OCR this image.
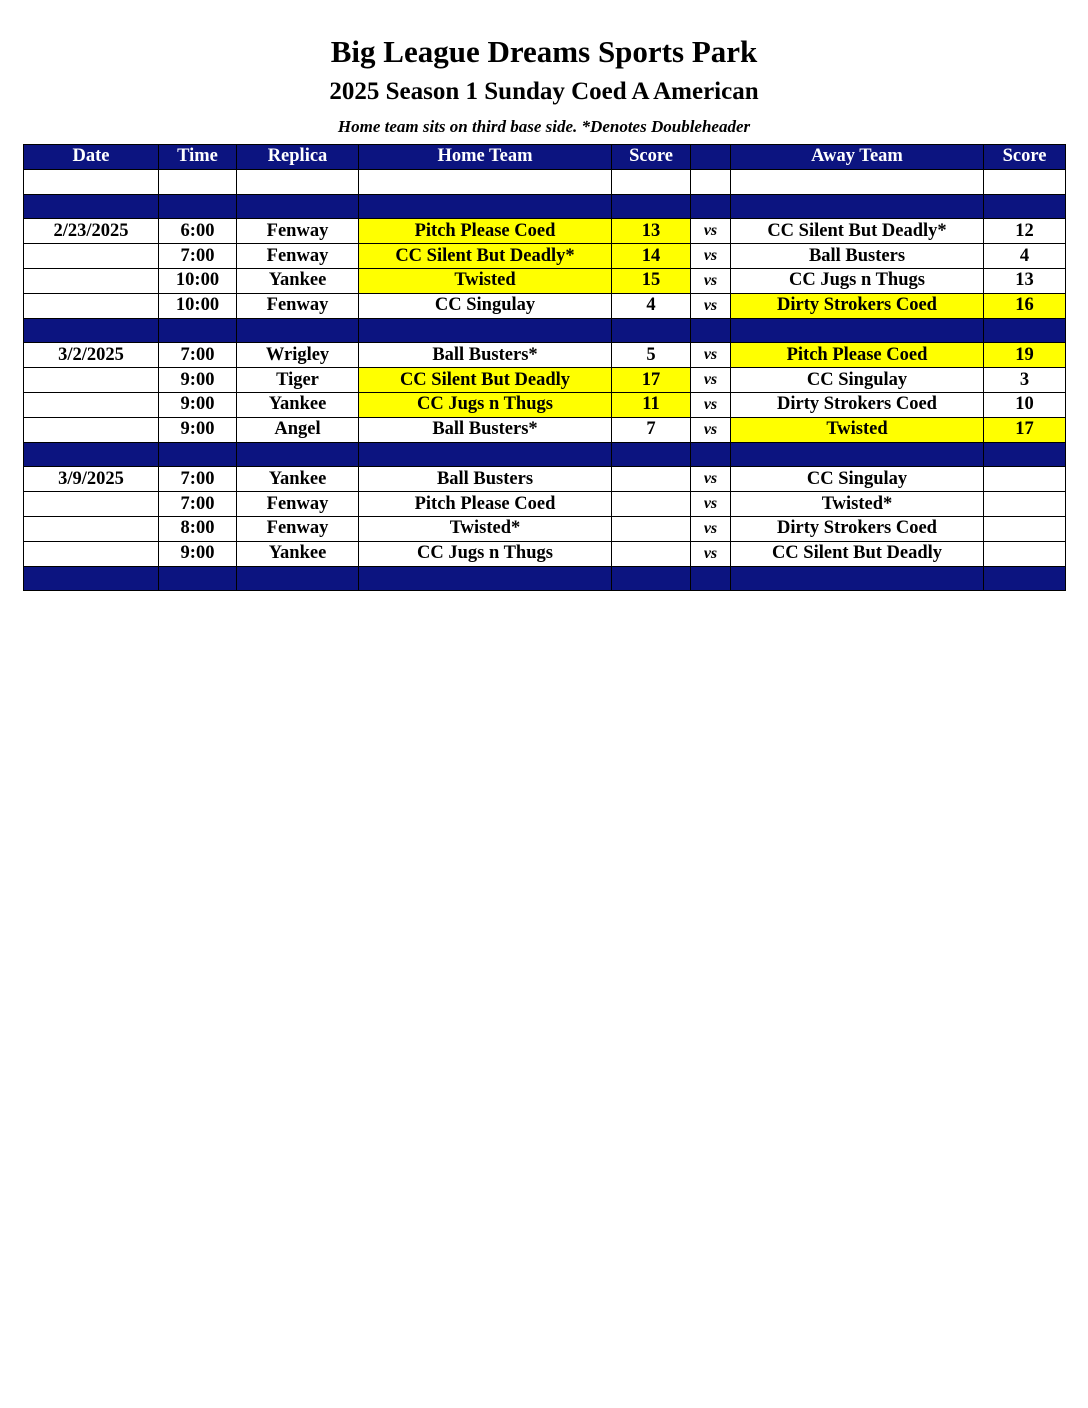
Big League Dreams Sports Park
2025 Season 1 Sunday Coed A American
Home team sits on third base side. *Denotes Doubleheader
Date	Time	Replica	Home Team	Score		Away Team	Score

2/23/2025	6:00	Fenway	Pitch Please Coed	13	vs	CC Silent But Deadly*	12
	7:00	Fenway	CC Silent But Deadly*	14	vs	Ball Busters	4
	10:00	Yankee	Twisted	15	vs	CC Jugs n Thugs	13
	10:00	Fenway	CC Singulay	4	vs	Dirty Strokers Coed	16

3/2/2025	7:00	Wrigley	Ball Busters*	5	vs	Pitch Please Coed	19
	9:00	Tiger	CC Silent But Deadly	17	vs	CC Singulay	3
	9:00	Yankee	CC Jugs n Thugs	11	vs	Dirty Strokers Coed	10
	9:00	Angel	Ball Busters*	7	vs	Twisted	17

3/9/2025	7:00	Yankee	Ball Busters		vs	CC Singulay	
	7:00	Fenway	Pitch Please Coed		vs	Twisted*	
	8:00	Fenway	Twisted*		vs	Dirty Strokers Coed	
	9:00	Yankee	CC Jugs n Thugs		vs	CC Silent But Deadly	
